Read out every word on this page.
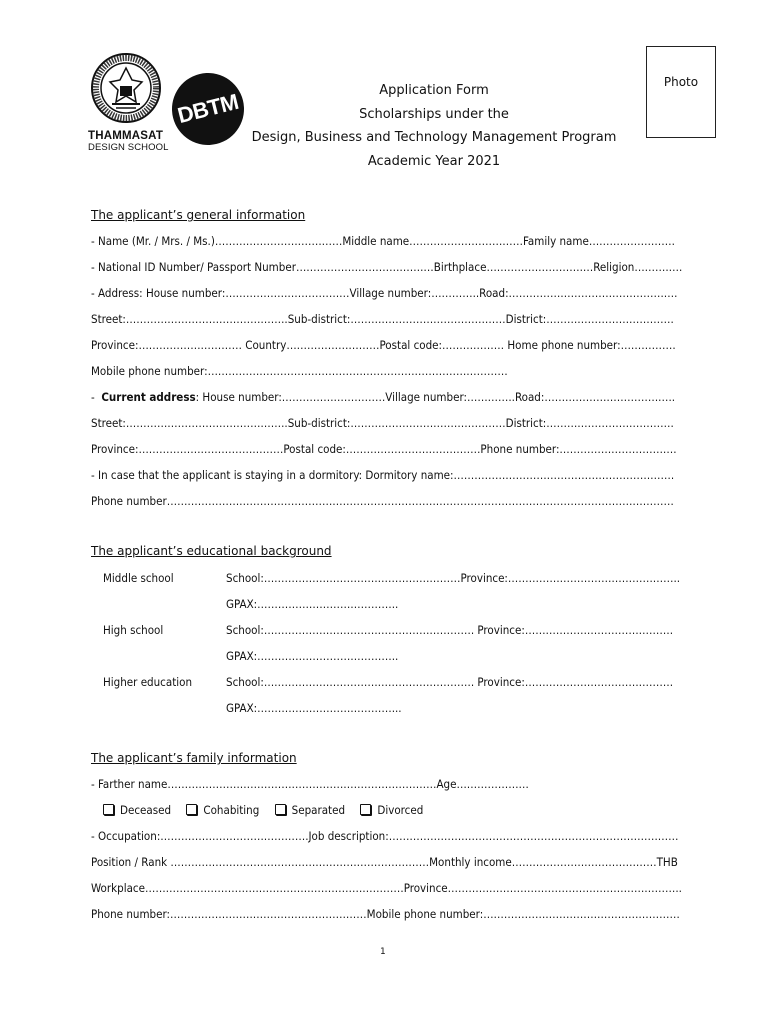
THAMMASAT
DESIGN SCHOOL
DBTM	Application Form
Scholarships under the
Design, Business and Technology Management Program
Academic Year 2021
Photo
The applicant’s general information
- Name (Mr. / Mrs. / Ms.)………………………….……Middle name……………………………Family name…………………….
- National ID Number/ Passport Number……………………………….…Birthplace……………………….…Religion……….….
- Address: House number:………………………………Village number:…………..Road:………………………………………….
Street:………………………………………..Sub-district:………………………………………District:……………………………….
Province:………………………… Country………………………Postal code:……………… Home phone number:…………….
Mobile phone number:……………………………………………………………………………
-  Current address: House number:…………………………Village number:…………..Road:…………………………….….
Street:………………………………………..Sub-district:………………………………………District:……………………………….
Province:……………………………………Postal code:…………………………………Phone number:…………………………….
- In case that the applicant is staying in a dormitory: Dormitory name:……………………………………………………….
Phone number…………………………………………………………………………………………………………………………………
The applicant’s educational background
Middle school	School:…………………………………………………Province:…………………………………………..
GPAX:…………………………………..
High school	School:……………………………………………………. Province:…………………………………….
GPAX:…………………………………..
Higher education	School:……………………………………………………. Province:…………………………………….
GPAX:…………………………………...
The applicant’s family information
- Farther name……………………………………………………………………Age…………………
Deceased	Cohabiting	Separated	Divorced
- Occupation:…………………………………….Job description:…………………………………………………………………………
Position / Rank …………………………………………………………………Monthly income……………………………………THB
Workplace…………………………………………………………………Province…………………………………………………………..
Phone number:…………………………………………………Mobile phone number:…………………………………………………
1
